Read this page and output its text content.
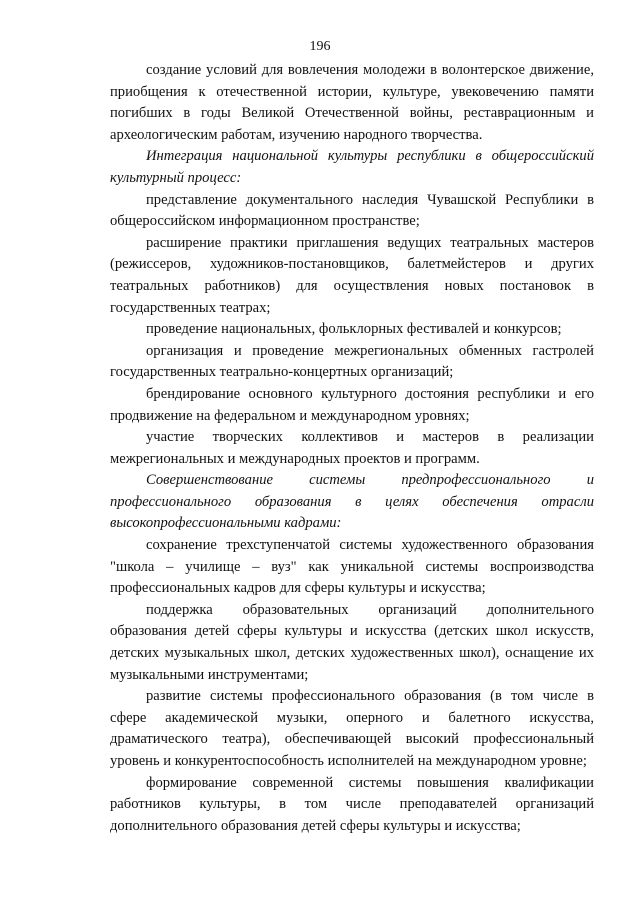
196

создание условий для вовлечения молодежи в волонтерское движение, приобщения к отечественной истории, культуре, увековечению памяти погибших в годы Великой Отечественной войны, реставрационным и археологическим работам, изучению народного творчества.

Интеграция национальной культуры республики в общероссийский культурный процесс:

представление документального наследия Чувашской Республики в общероссийском информационном пространстве;

расширение практики приглашения ведущих театральных мастеров (режиссеров, художников-постановщиков, балетмейстеров и других театральных работников) для осуществления новых постановок в государственных театрах;

проведение национальных, фольклорных фестивалей и конкурсов;

организация и проведение межрегиональных обменных гастролей государственных театрально-концертных организаций;

брендирование основного культурного достояния республики и его продвижение на федеральном и международном уровнях;

участие творческих коллективов и мастеров в реализации межрегиональных и международных проектов и программ.

Совершенствование системы предпрофессионального и профессионального образования в целях обеспечения отрасли высокопрофессиональными кадрами:

сохранение трехступенчатой системы художественного образования "школа – училище – вуз" как уникальной системы воспроизводства профессиональных кадров для сферы культуры и искусства;

поддержка образовательных организаций дополнительного образования детей сферы культуры и искусства (детских школ искусств, детских музыкальных школ, детских художественных школ), оснащение их музыкальными инструментами;

развитие системы профессионального образования (в том числе в сфере академической музыки, оперного и балетного искусства, драматического театра), обеспечивающей высокий профессиональный уровень и конкурентоспособность исполнителей на международном уровне;

формирование современной системы повышения квалификации работников культуры, в том числе преподавателей организаций дополнительного образования детей сферы культуры и искусства;
